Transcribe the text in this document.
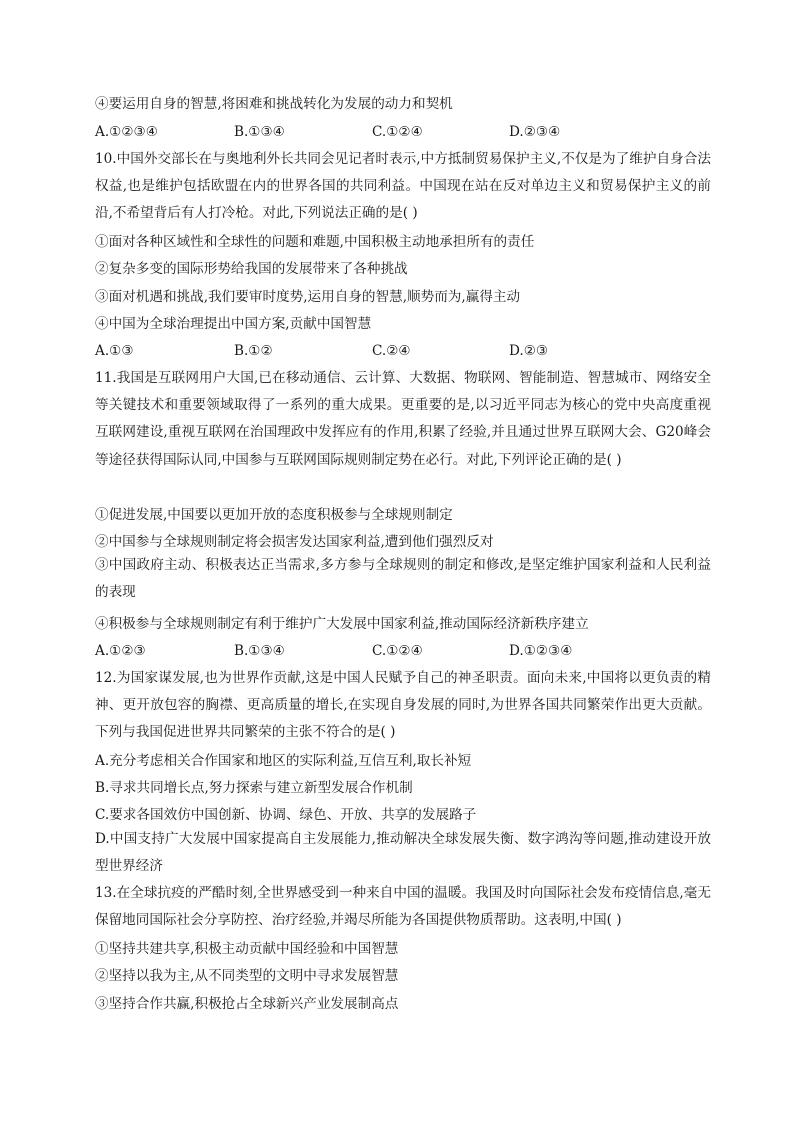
④要运用自身的智慧,将困难和挑战转化为发展的动力和契机
A.①②③④	B.①③④	C.①②④	D.②③④
10.中国外交部长在与奥地利外长共同会见记者时表示,中方抵制贸易保护主义,不仅是为了维护自身合法权益,也是维护包括欧盟在内的世界各国的共同利益。中国现在站在反对单边主义和贸易保护主义的前沿,不希望背后有人打冷枪。对此,下列说法正确的是( )
①面对各种区域性和全球性的问题和难题,中国积极主动地承担所有的责任
②复杂多变的国际形势给我国的发展带来了各种挑战
③面对机遇和挑战,我们要审时度势,运用自身的智慧,顺势而为,赢得主动
④中国为全球治理提出中国方案,贡献中国智慧
A.①③	B.①②	C.②④	D.②③
11.我国是互联网用户大国,已在移动通信、云计算、大数据、物联网、智能制造、智慧城市、网络安全等关键技术和重要领域取得了一系列的重大成果。更重要的是,以习近平同志为核心的党中央高度重视互联网建设,重视互联网在治国理政中发挥应有的作用,积累了经验,并且通过世界互联网大会、G20峰会等途径获得国际认同,中国参与互联网国际规则制定势在必行。对此,下列评论正确的是( )
①促进发展,中国要以更加开放的态度积极参与全球规则制定
②中国参与全球规则制定将会损害发达国家利益,遭到他们强烈反对
③中国政府主动、积极表达正当需求,多方参与全球规则的制定和修改,是坚定维护国家利益和人民利益的表现
④积极参与全球规则制定有利于维护广大发展中国家利益,推动国际经济新秩序建立
A.①②③	B.①③④	C.①②④	D.①②③④
12.为国家谋发展,也为世界作贡献,这是中国人民赋予自己的神圣职责。面向未来,中国将以更负责的精神、更开放包容的胸襟、更高质量的增长,在实现自身发展的同时,为世界各国共同繁荣作出更大贡献。下列与我国促进世界共同繁荣的主张不符合的是( )
A.充分考虑相关合作国家和地区的实际利益,互信互利,取长补短
B.寻求共同增长点,努力探索与建立新型发展合作机制
C.要求各国效仿中国创新、协调、绿色、开放、共享的发展路子
D.中国支持广大发展中国家提高自主发展能力,推动解决全球发展失衡、数字鸿沟等问题,推动建设开放型世界经济
13.在全球抗疫的严酷时刻,全世界感受到一种来自中国的温暖。我国及时向国际社会发布疫情信息,毫无保留地同国际社会分享防控、治疗经验,并竭尽所能为各国提供物质帮助。这表明,中国( )
①坚持共建共享,积极主动贡献中国经验和中国智慧
②坚持以我为主,从不同类型的文明中寻求发展智慧
③坚持合作共赢,积极抢占全球新兴产业发展制高点
